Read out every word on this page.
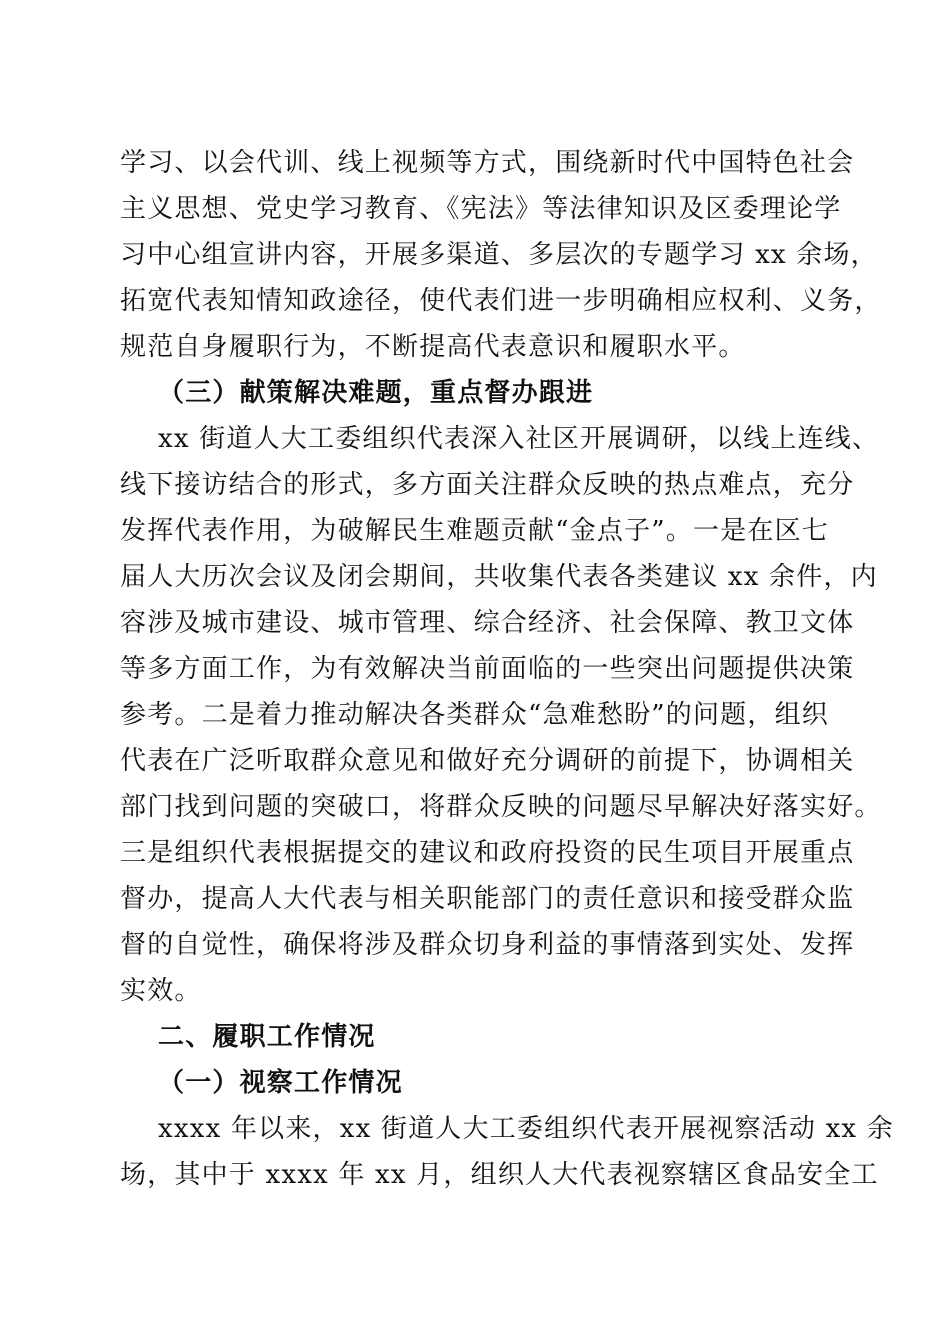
学习、以会代训、线上视频等方式，围绕新时代中国特色社会
主义思想、党史学习教育、《宪法》等法律知识及区委理论学
习中心组宣讲内容，开展多渠道、多层次的专题学习 xx 余场，
拓宽代表知情知政途径，使代表们进一步明确相应权利、义务，
规范自身履职行为，不断提高代表意识和履职水平。
（三）献策解决难题，重点督办跟进
xx 街道人大工委组织代表深入社区开展调研，以线上连线、
线下接访结合的形式，多方面关注群众反映的热点难点，充分
发挥代表作用，为破解民生难题贡献“金点子”。一是在区七
届人大历次会议及闭会期间，共收集代表各类建议 xx 余件，内
容涉及城市建设、城市管理、综合经济、社会保障、教卫文体
等多方面工作，为有效解决当前面临的一些突出问题提供决策
参考。二是着力推动解决各类群众“急难愁盼”的问题，组织
代表在广泛听取群众意见和做好充分调研的前提下，协调相关
部门找到问题的突破口，将群众反映的问题尽早解决好落实好。
三是组织代表根据提交的建议和政府投资的民生项目开展重点
督办，提高人大代表与相关职能部门的责任意识和接受群众监
督的自觉性，确保将涉及群众切身利益的事情落到实处、发挥
实效。
二、履职工作情况
（一）视察工作情况
xxxx 年以来，xx 街道人大工委组织代表开展视察活动 xx 余
场，其中于 xxxx 年 xx 月，组织人大代表视察辖区食品安全工
